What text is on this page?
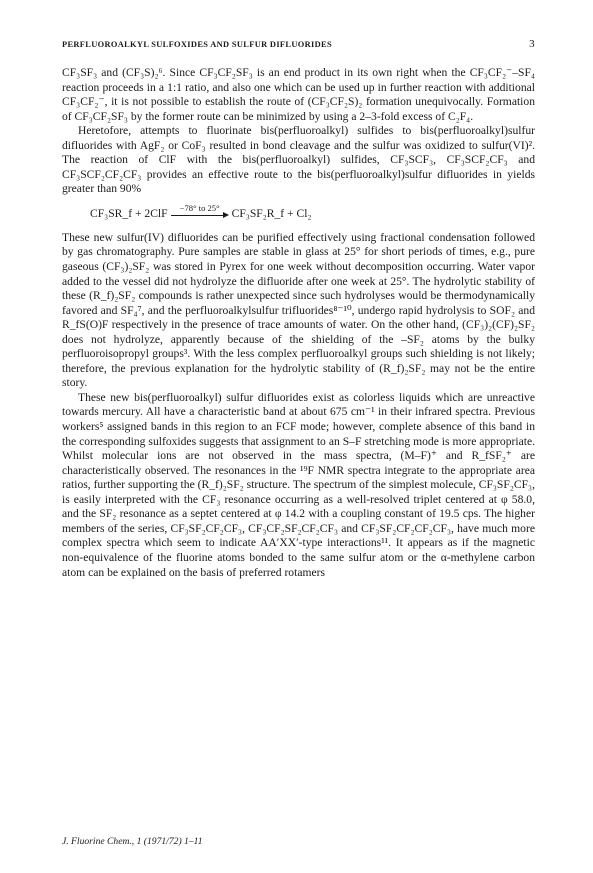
PERFLUOROALKYL SULFOXIDES AND SULFUR DIFLUORIDES	3

CF₃SF₃ and (CF₃S)₂⁶. Since CF₃CF₂SF₃ is an end product in its own right when the CF₃CF₂⁻–SF₄ reaction proceeds in a 1:1 ratio, and also one which can be used up in further reaction with additional CF₃CF₂⁻, it is not possible to establish the route of (CF₃CF₂S)₂ formation unequivocally. Formation of CF₃CF₂SF₃ by the former route can be minimized by using a 2–3-fold excess of C₂F₄.

Heretofore, attempts to fluorinate bis(perfluoroalkyl) sulfides to bis(perfluoroalkyl)sulfur difluorides with AgF₂ or CoF₃ resulted in bond cleavage and the sulfur was oxidized to sulfur(VI)². The reaction of ClF with the bis(perfluoroalkyl) sulfides, CF₃SCF₃, CF₃SCF₂CF₃ and CF₃SCF₂CF₂CF₃ provides an effective route to the bis(perfluoroalkyl)sulfur difluorides in yields greater than 90%

CF₃SR_f + 2ClF	−78° to 25°	CF₃SF₂R_f + Cl₂

These new sulfur(IV) difluorides can be purified effectively using fractional condensation followed by gas chromatography. Pure samples are stable in glass at 25° for short periods of times, e.g., pure gaseous (CF₃)₂SF₂ was stored in Pyrex for one week without decomposition occurring. Water vapor added to the vessel did not hydrolyze the difluoride after one week at 25°. The hydrolytic stability of these (R_f)₂SF₂ compounds is rather unexpected since such hydrolyses would be thermodynamically favored and SF₄⁷, and the perfluoroalkylsulfur trifluorides⁸⁻¹⁰, undergo rapid hydrolysis to SOF₂ and R_fS(O)F respectively in the presence of trace amounts of water. On the other hand, (CF₃)₂(CF)₂SF₂ does not hydrolyze, apparently because of the shielding of the –SF₂ atoms by the bulky perfluoroisopropyl groups³. With the less complex perfluoroalkyl groups such shielding is not likely; therefore, the previous explanation for the hydrolytic stability of (R_f)₂SF₂ may not be the entire story.

These new bis(perfluoroalkyl) sulfur difluorides exist as colorless liquids which are unreactive towards mercury. All have a characteristic band at about 675 cm⁻¹ in their infrared spectra. Previous workers⁵ assigned bands in this region to an FCF mode; however, complete absence of this band in the corresponding sulfoxides suggests that assignment to an S–F stretching mode is more appropriate. Whilst molecular ions are not observed in the mass spectra, (M–F)⁺ and R_fSF₂⁺ are characteristically observed. The resonances in the ¹⁹F NMR spectra integrate to the appropriate area ratios, further supporting the (R_f)₂SF₂ structure. The spectrum of the simplest molecule, CF₃SF₂CF₃, is easily interpreted with the CF₃ resonance occurring as a well-resolved triplet centered at φ 58.0, and the SF₂ resonance as a septet centered at φ 14.2 with a coupling constant of 19.5 cps. The higher members of the series, CF₃SF₂CF₂CF₃, CF₃CF₂SF₂CF₂CF₃ and CF₃SF₂CF₂CF₂CF₃, have much more complex spectra which seem to indicate AA′XX′-type interactions¹¹. It appears as if the magnetic non-equivalence of the fluorine atoms bonded to the same sulfur atom or the α-methylene carbon atom can be explained on the basis of preferred rotamers

J. Fluorine Chem., 1 (1971/72) 1–11
